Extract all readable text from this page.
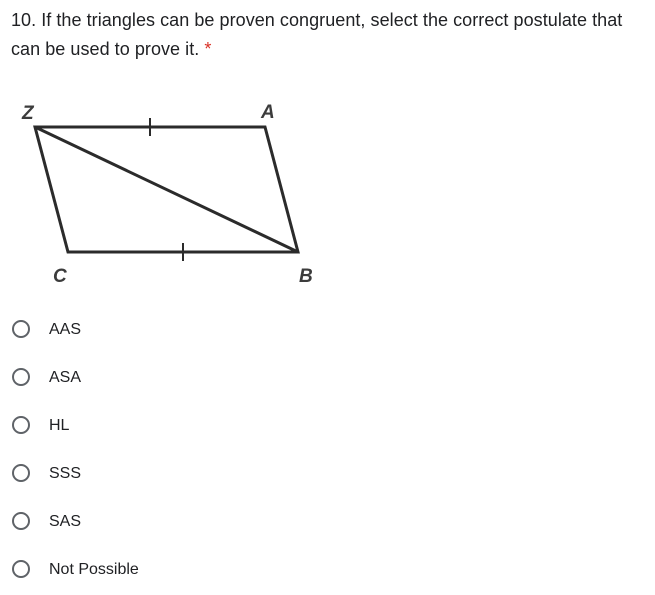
10. If the triangles can be proven congruent, select the correct postulate that can be used to prove it. *
Z	A
C	B
AAS
ASA
HL
SSS
SAS
Not Possible
